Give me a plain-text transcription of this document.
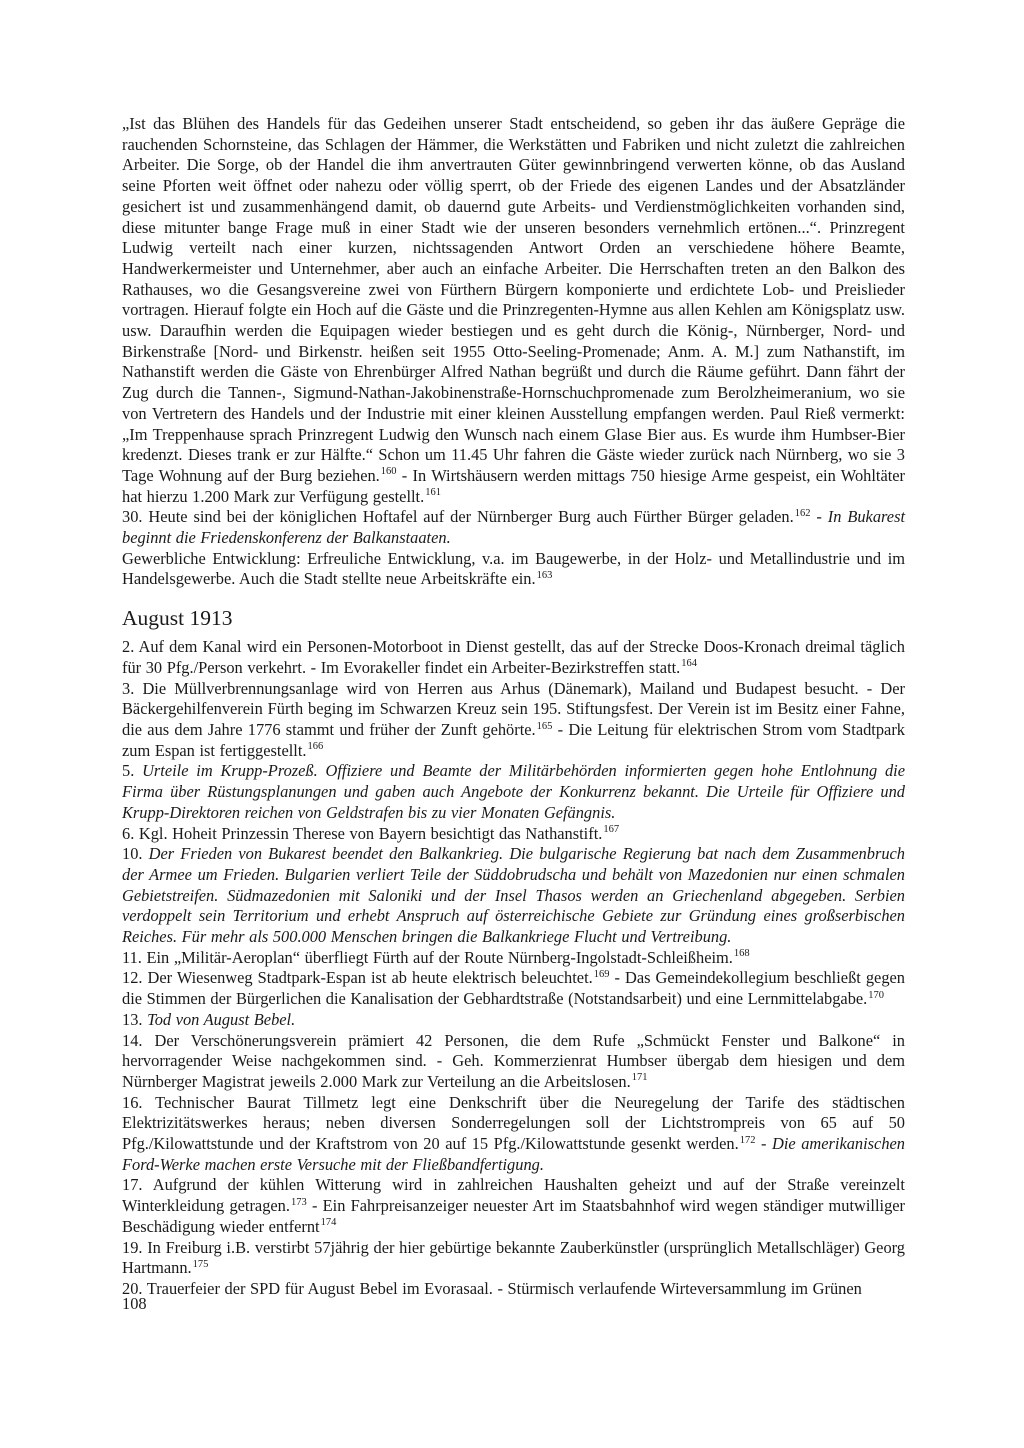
„Ist das Blühen des Handels für das Gedeihen unserer Stadt entscheidend, so geben ihr das äußere Gepräge die rauchenden Schornsteine, das Schlagen der Hämmer, die Werkstätten und Fabriken und nicht zuletzt die zahlreichen Arbeiter. Die Sorge, ob der Handel die ihm anvertrauten Güter gewinnbringend verwerten könne, ob das Ausland seine Pforten weit öffnet oder nahezu oder völlig sperrt, ob der Friede des eigenen Landes und der Absatzländer gesichert ist und zusammenhängend damit, ob dauernd gute Arbeits- und Verdienstmöglichkeiten vorhanden sind, diese mitunter bange Frage muß in einer Stadt wie der unseren besonders vernehmlich ertönen...“. Prinzregent Ludwig verteilt nach einer kurzen, nichtssagenden Antwort Orden an verschiedene höhere Beamte, Handwerkermeister und Unternehmer, aber auch an einfache Arbeiter. Die Herrschaften treten an den Balkon des Rathauses, wo die Gesangsvereine zwei von Fürthern Bürgern komponierte und erdichtete Lob- und Preislieder vortragen. Hierauf folgte ein Hoch auf die Gäste und die Prinzregenten-Hymne aus allen Kehlen am Königsplatz usw. usw. Daraufhin werden die Equipagen wieder bestiegen und es geht durch die König-, Nürnberger, Nord- und Birkenstraße [Nord- und Birkenstr. heißen seit 1955 Otto-Seeling-Promenade; Anm. A. M.] zum Nathanstift, im Nathanstift werden die Gäste von Ehrenbürger Alfred Nathan begrüßt und durch die Räume geführt. Dann fährt der Zug durch die Tannen-, Sigmund-Nathan-Jakobinenstraße-Hornschuchpromenade zum Berolzheimeranium, wo sie von Vertretern des Handels und der Industrie mit einer kleinen Ausstellung empfangen werden. Paul Rieß vermerkt: „Im Treppenhause sprach Prinzregent Ludwig den Wunsch nach einem Glase Bier aus. Es wurde ihm Humbser-Bier kredenzt. Dieses trank er zur Hälfte.“ Schon um 11.45 Uhr fahren die Gäste wieder zurück nach Nürnberg, wo sie 3 Tage Wohnung auf der Burg beziehen.$^{160}$ - In Wirtshäusern werden mittags 750 hiesige Arme gespeist, ein Wohltäter hat hierzu 1.200 Mark zur Verfügung gestellt.$^{161}$

30. Heute sind bei der königlichen Hoftafel auf der Nürnberger Burg auch Fürther Bürger geladen.$^{162}$ - In Bukarest beginnt die Friedenskonferenz der Balkanstaaten.

Gewerbliche Entwicklung: Erfreuliche Entwicklung, v.a. im Baugewerbe, in der Holz- und Metallindustrie und im Handelsgewerbe. Auch die Stadt stellte neue Arbeitskräfte ein.$^{163}$

August 1913

2. Auf dem Kanal wird ein Personen-Motorboot in Dienst gestellt, das auf der Strecke Doos-Kronach dreimal täglich für 30 Pfg./Person verkehrt. - Im Evorakeller findet ein Arbeiter-Bezirkstreffen statt.$^{164}$

3. Die Müllverbrennungsanlage wird von Herren aus Arhus (Dänemark), Mailand und Budapest besucht. - Der Bäckergehilfenverein Fürth beging im Schwarzen Kreuz sein 195. Stiftungsfest. Der Verein ist im Besitz einer Fahne, die aus dem Jahre 1776 stammt und früher der Zunft gehörte.$^{165}$ - Die Leitung für elektrischen Strom vom Stadtpark zum Espan ist fertiggestellt.$^{166}$

5. Urteile im Krupp-Prozeß. Offiziere und Beamte der Militärbehörden informierten gegen hohe Entlohnung die Firma über Rüstungsplanungen und gaben auch Angebote der Konkurrenz bekannt. Die Urteile für Offiziere und Krupp-Direktoren reichen von Geldstrafen bis zu vier Monaten Gefängnis.

6. Kgl. Hoheit Prinzessin Therese von Bayern besichtigt das Nathanstift.$^{167}$

10. Der Frieden von Bukarest beendet den Balkankrieg. Die bulgarische Regierung bat nach dem Zusammenbruch der Armee um Frieden. Bulgarien verliert Teile der Süddobrudscha und behält von Mazedonien nur einen schmalen Gebietstreifen. Südmazedonien mit Saloniki und der Insel Thasos werden an Griechenland abgegeben. Serbien verdoppelt sein Territorium und erhebt Anspruch auf österreichische Gebiete zur Gründung eines großserbischen Reiches. Für mehr als 500.000 Menschen bringen die Balkankriege Flucht und Vertreibung.

11. Ein „Militär-Aeroplan“ überfliegt Fürth auf der Route Nürnberg-Ingolstadt-Schleißheim.$^{168}$

12. Der Wiesenweg Stadtpark-Espan ist ab heute elektrisch beleuchtet.$^{169}$ - Das Gemeindekollegium beschließt gegen die Stimmen der Bürgerlichen die Kanalisation der Gebhardtstraße (Notstandsarbeit) und eine Lernmittelabgabe.$^{170}$

13. Tod von August Bebel.

14. Der Verschönerungsverein prämiert 42 Personen, die dem Rufe „Schmückt Fenster und Balkone“ in hervorragender Weise nachgekommen sind. - Geh. Kommerzienrat Humbser übergab dem hiesigen und dem Nürnberger Magistrat jeweils 2.000 Mark zur Verteilung an die Arbeitslosen.$^{171}$

16. Technischer Baurat Tillmetz legt eine Denkschrift über die Neuregelung der Tarife des städtischen Elektrizitätswerkes heraus; neben diversen Sonderregelungen soll der Lichtstrompreis von 65 auf 50 Pfg./Kilowattstunde und der Kraftstrom von 20 auf 15 Pfg./Kilowattstunde gesenkt werden.$^{172}$ - Die amerikanischen Ford-Werke machen erste Versuche mit der Fließbandfertigung.

17. Aufgrund der kühlen Witterung wird in zahlreichen Haushalten geheizt und auf der Straße vereinzelt Winterkleidung getragen.$^{173}$ - Ein Fahrpreisanzeiger neuester Art im Staatsbahnhof wird wegen ständiger mutwilliger Beschädigung wieder entfernt$^{174}$

19. In Freiburg i.B. verstirbt 57jährig der hier gebürtige bekannte Zauberkünstler (ursprünglich Metallschläger) Georg Hartmann.$^{175}$

20. Trauerfeier der SPD für August Bebel im Evorasaal. - Stürmisch verlaufende Wirteversammlung im Grünen

108
